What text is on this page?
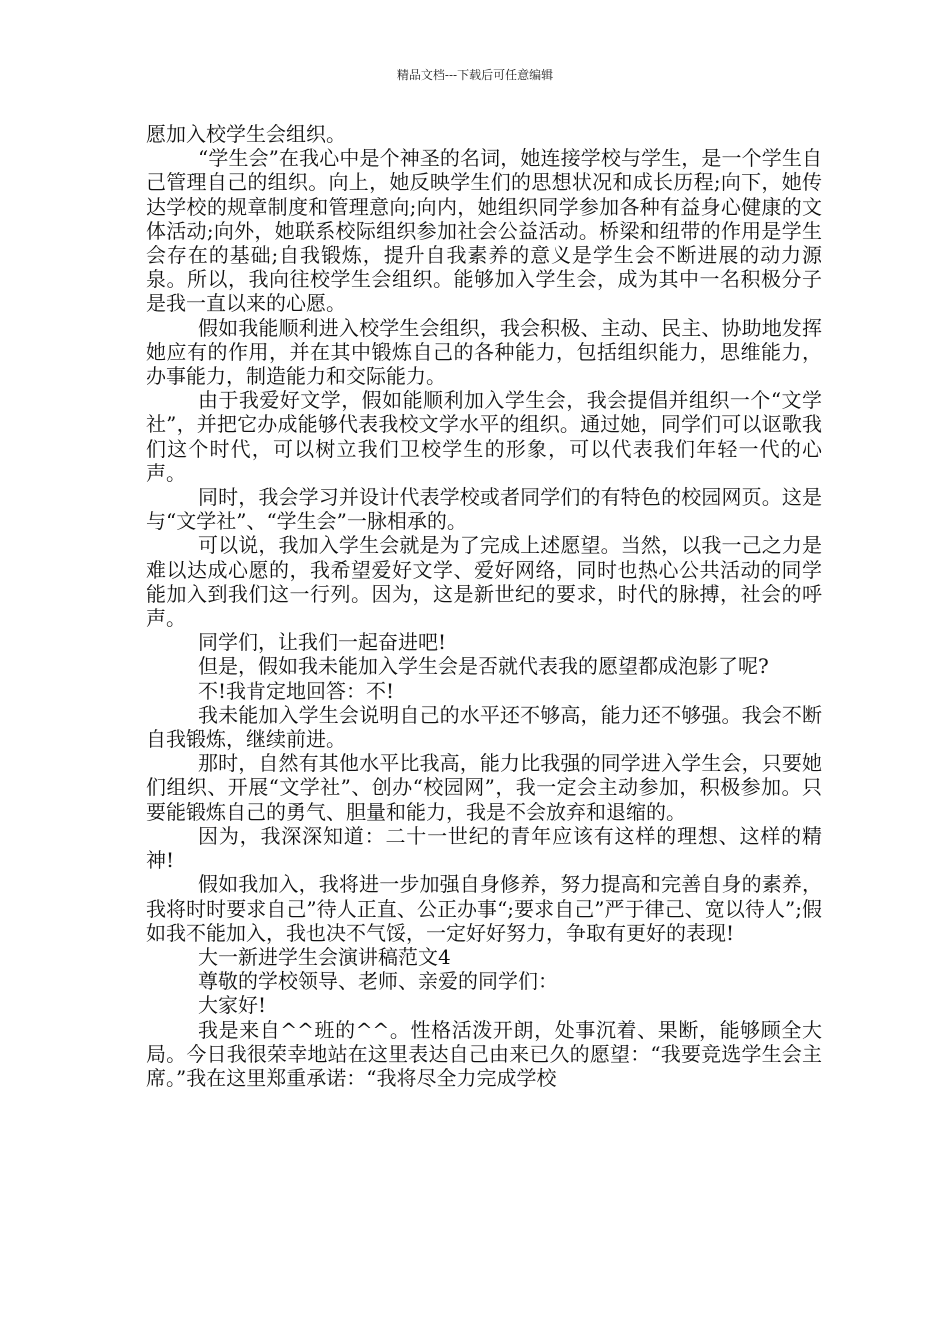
精品文档---下载后可任意编辑

愿加入校学生会组织。

“学生会”在我心中是个神圣的名词，她连接学校与学生，是一个学生自己管理自己的组织。向上，她反映学生们的思想状况和成长历程;向下，她传达学校的规章制度和管理意向;向内，她组织同学参加各种有益身心健康的文体活动;向外，她联系校际组织参加社会公益活动。桥梁和纽带的作用是学生会存在的基础;自我锻炼，提升自我素养的意义是学生会不断进展的动力源泉。所以，我向往校学生会组织。能够加入学生会，成为其中一名积极分子是我一直以来的心愿。

假如我能顺利进入校学生会组织，我会积极、主动、民主、协助地发挥她应有的作用，并在其中锻炼自己的各种能力，包括组织能力，思维能力，办事能力，制造能力和交际能力。

由于我爱好文学，假如能顺利加入学生会，我会提倡并组织一个“文学社”，并把它办成能够代表我校文学水平的组织。通过她，同学们可以讴歌我们这个时代，可以树立我们卫校学生的形象，可以代表我们年轻一代的心声。

同时，我会学习并设计代表学校或者同学们的有特色的校园网页。这是与“文学社”、“学生会”一脉相承的。

可以说，我加入学生会就是为了完成上述愿望。当然，以我一己之力是难以达成心愿的，我希望爱好文学、爱好网络，同时也热心公共活动的同学能加入到我们这一行列。因为，这是新世纪的要求，时代的脉搏，社会的呼声。

同学们，让我们一起奋进吧!

但是，假如我未能加入学生会是否就代表我的愿望都成泡影了呢?

不!我肯定地回答：不!

我未能加入学生会说明自己的水平还不够高，能力还不够强。我会不断自我锻炼，继续前进。

那时，自然有其他水平比我高，能力比我强的同学进入学生会，只要她们组织、开展“文学社”、创办“校园网”，我一定会主动参加，积极参加。只要能锻炼自己的勇气、胆量和能力，我是不会放弃和退缩的。

因为，我深深知道：二十一世纪的青年应该有这样的理想、这样的精神!

假如我加入，我将进一步加强自身修养，努力提高和完善自身的素养，我将时时要求自己”待人正直、公正办事“;要求自己”严于律己、宽以待人”;假如我不能加入，我也决不气馁，一定好好努力，争取有更好的表现!

大一新进学生会演讲稿范文4

尊敬的学校领导、老师、亲爱的同学们：

大家好!

我是来自^^班的^^。性格活泼开朗，处事沉着、果断，能够顾全大局。今日我很荣幸地站在这里表达自己由来已久的愿望：“我要竞选学生会主席。”我在这里郑重承诺：“我将尽全力完成学校
